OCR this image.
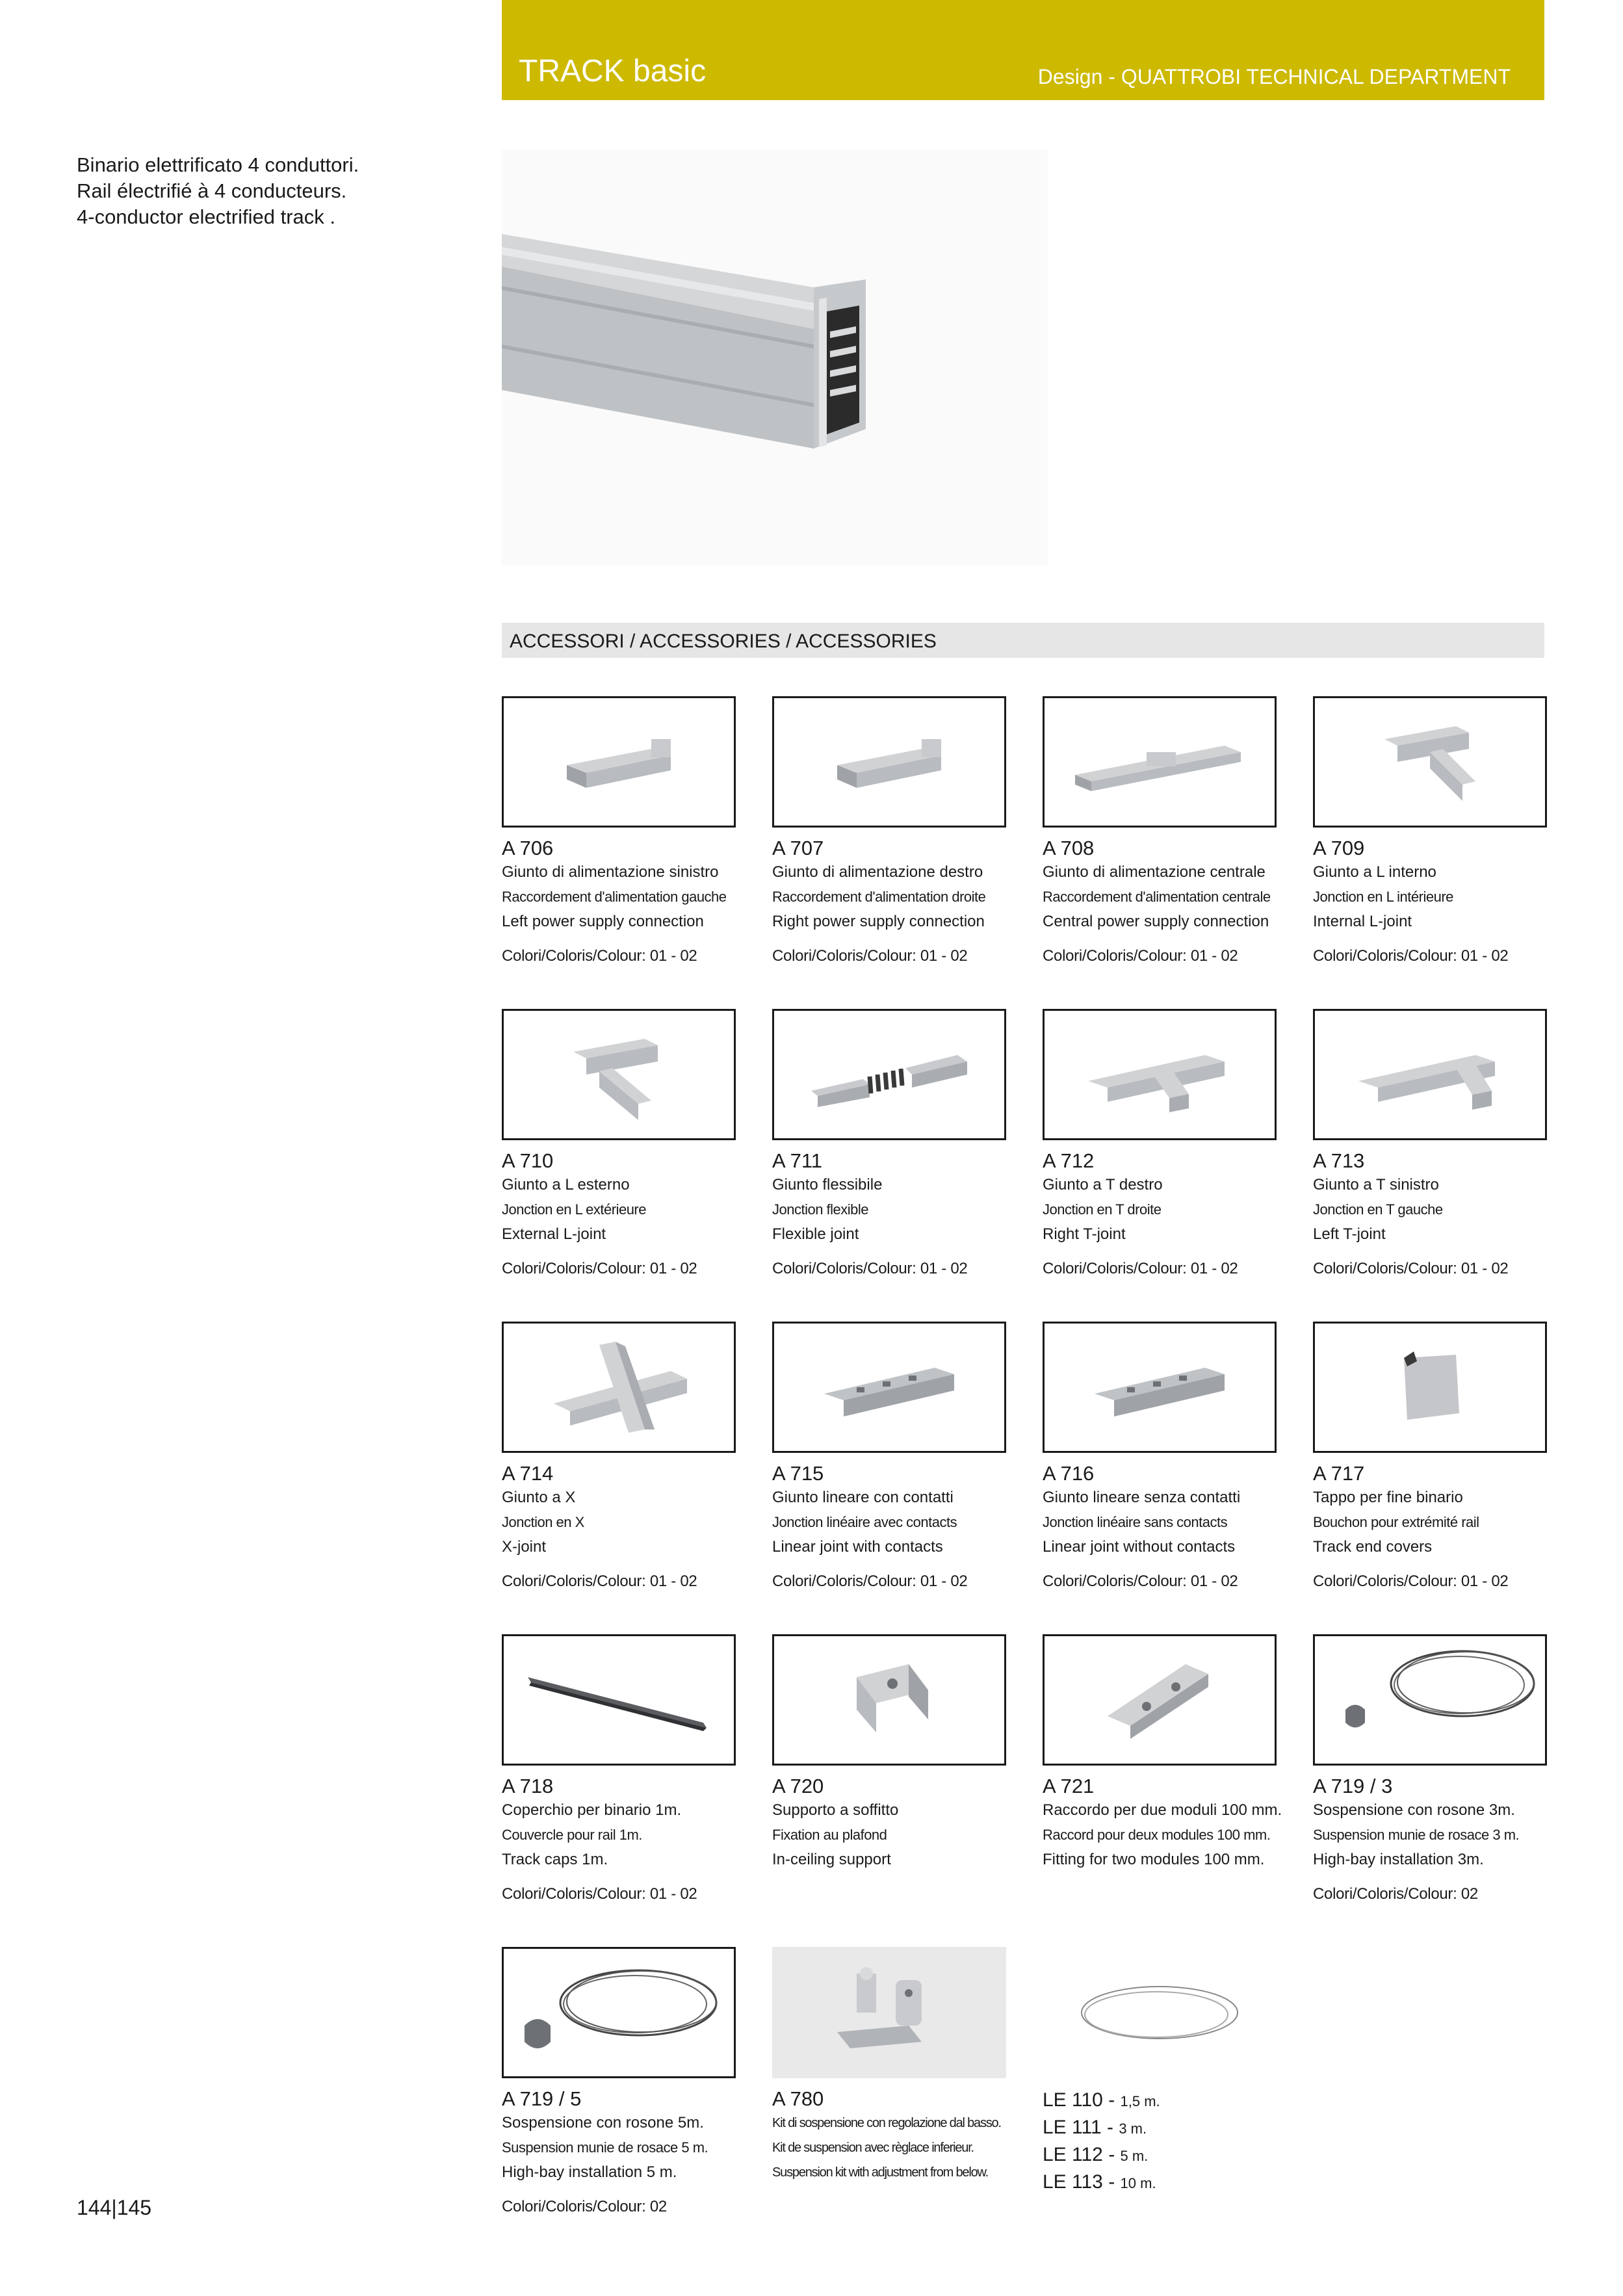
TRACK basic	Design - QUATTROBI TECHNICAL DEPARTMENT
Binario elettrificato 4 conduttori.
Rail électrifié à 4 conducteurs.
4-conductor electrified track .
ACCESSORI / ACCESSORIES / ACCESSORIES
A 706
Giunto di alimentazione sinistro
Raccordement d'alimentation gauche
Left power supply connection
Colori/Coloris/Colour: 01 - 02
A 707
Giunto di alimentazione destro
Raccordement d'alimentation droite
Right power supply connection
Colori/Coloris/Colour: 01 - 02
A 708
Giunto di alimentazione centrale
Raccordement d'alimentation centrale
Central power supply connection
Colori/Coloris/Colour: 01 - 02
A 709
Giunto a L interno
Jonction en L intérieure
Internal L-joint
Colori/Coloris/Colour: 01 - 02
A 710
Giunto a L esterno
Jonction en L extérieure
External L-joint
Colori/Coloris/Colour: 01 - 02
A 711
Giunto flessibile
Jonction flexible
Flexible joint
Colori/Coloris/Colour: 01 - 02
A 712
Giunto a T destro
Jonction en T droite
Right T-joint
Colori/Coloris/Colour: 01 - 02
A 713
Giunto a T sinistro
Jonction en T gauche
Left T-joint
Colori/Coloris/Colour: 01 - 02
A 714
Giunto a X
Jonction en X
X-joint
Colori/Coloris/Colour: 01 - 02
A 715
Giunto lineare con contatti
Jonction linéaire avec contacts
Linear joint with contacts
Colori/Coloris/Colour: 01 - 02
A 716
Giunto lineare senza contatti
Jonction linéaire sans contacts
Linear joint without contacts
Colori/Coloris/Colour: 01 - 02
A 717
Tappo per fine binario
Bouchon pour extrémité rail
Track end covers
Colori/Coloris/Colour: 01 - 02
A 718
Coperchio per binario 1m.
Couvercle pour rail 1m.
Track caps 1m.
Colori/Coloris/Colour: 01 - 02
A 720
Supporto a soffitto
Fixation au plafond
In-ceiling support
A 721
Raccordo per due moduli 100 mm.
Raccord pour deux modules 100 mm.
Fitting for two modules 100 mm.
A 719 / 3
Sospensione con rosone 3m.
Suspension munie de rosace 3 m.
High-bay installation 3m.
Colori/Coloris/Colour: 02
A 719 / 5
Sospensione con rosone 5m.
Suspension munie de rosace 5 m.
High-bay installation 5 m.
Colori/Coloris/Colour: 02
A 780
Kit di sospensione con regolazione dal basso.
Kit de suspension avec règlace inferieur.
Suspension kit with adjustment from below.
LE 110 - 1,5 m.
LE 111 - 3 m.
LE 112 - 5 m.
LE 113 - 10 m.
144|145
